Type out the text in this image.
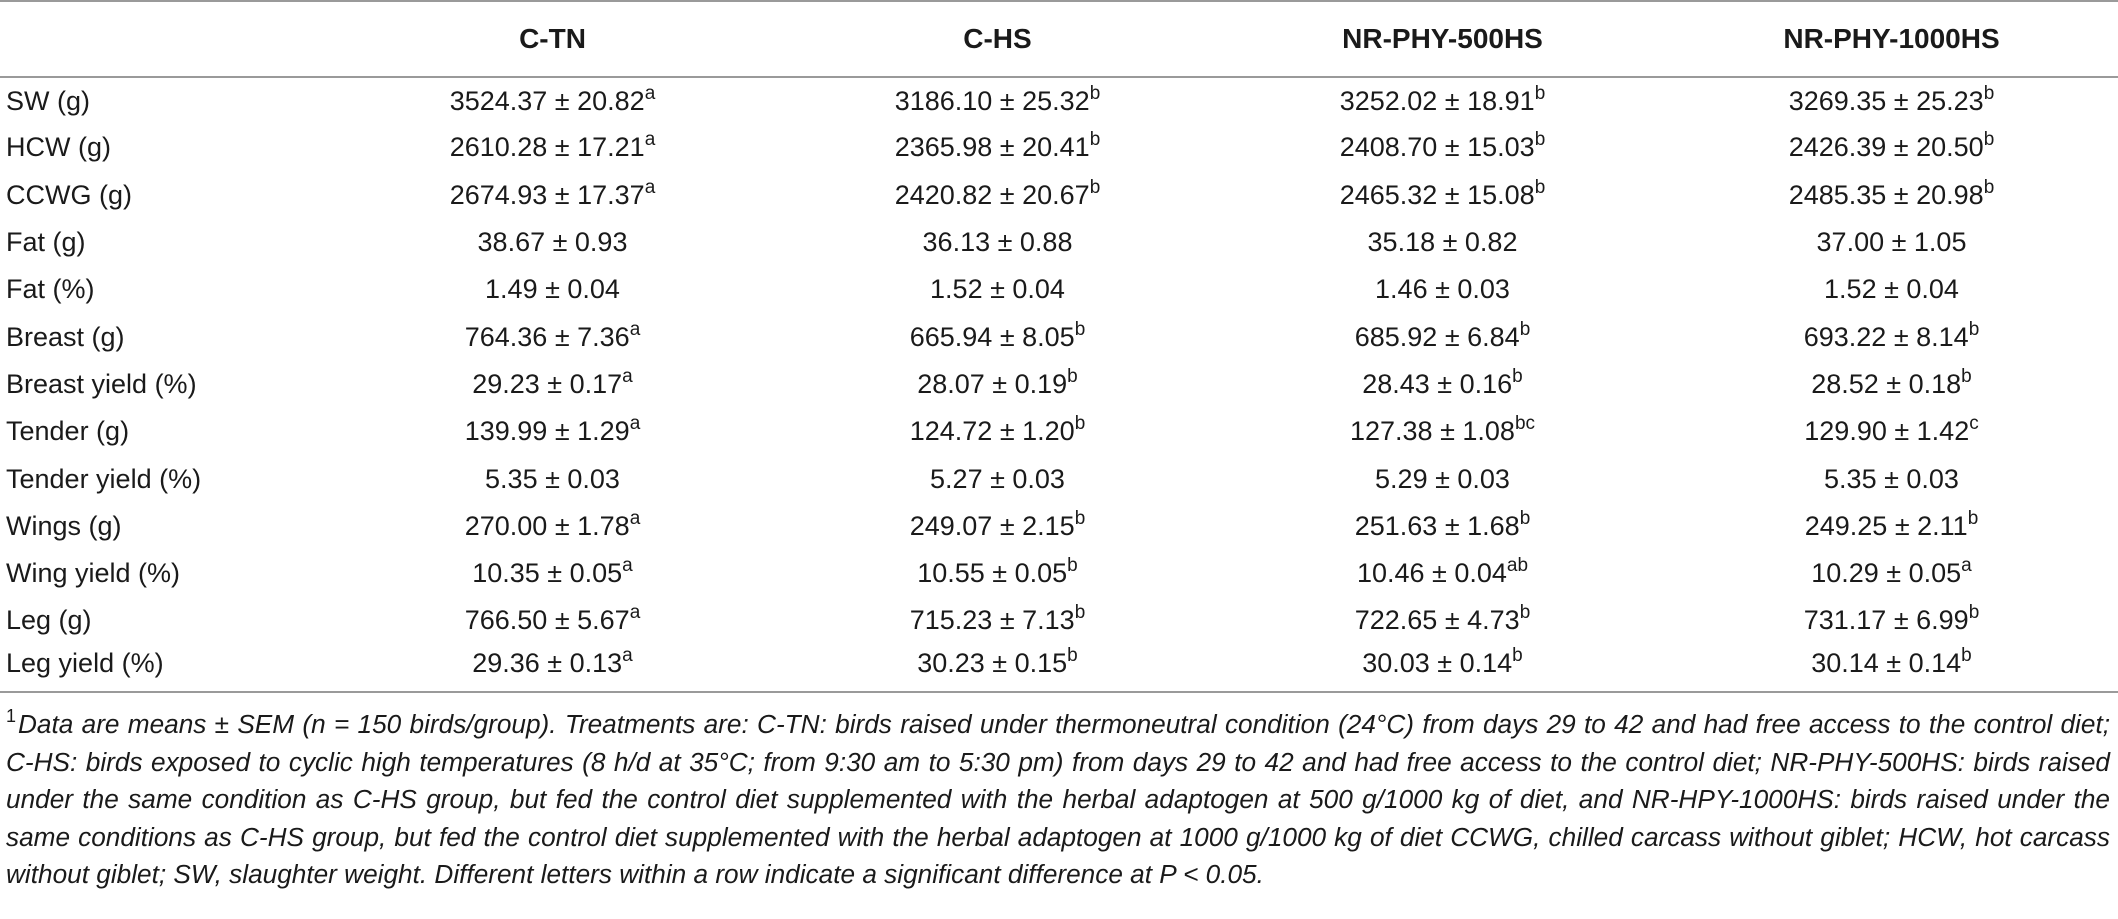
	C-TN	C-HS	NR-PHY-500HS	NR-PHY-1000HS
SW (g)	3524.37 ± 20.82$^a$	3186.10 ± 25.32$^b$	3252.02 ± 18.91$^b$	3269.35 ± 25.23$^b$
HCW (g)	2610.28 ± 17.21$^a$	2365.98 ± 20.41$^b$	2408.70 ± 15.03$^b$	2426.39 ± 20.50$^b$
CCWG (g)	2674.93 ± 17.37$^a$	2420.82 ± 20.67$^b$	2465.32 ± 15.08$^b$	2485.35 ± 20.98$^b$
Fat (g)	38.67 ± 0.93	36.13 ± 0.88	35.18 ± 0.82	37.00 ± 1.05
Fat (%)	1.49 ± 0.04	1.52 ± 0.04	1.46 ± 0.03	1.52 ± 0.04
Breast (g)	764.36 ± 7.36$^a$	665.94 ± 8.05$^b$	685.92 ± 6.84$^b$	693.22 ± 8.14$^b$
Breast yield (%)	29.23 ± 0.17$^a$	28.07 ± 0.19$^b$	28.43 ± 0.16$^b$	28.52 ± 0.18$^b$
Tender (g)	139.99 ± 1.29$^a$	124.72 ± 1.20$^b$	127.38 ± 1.08$^{bc}$	129.90 ± 1.42$^c$
Tender yield (%)	5.35 ± 0.03	5.27 ± 0.03	5.29 ± 0.03	5.35 ± 0.03
Wings (g)	270.00 ± 1.78$^a$	249.07 ± 2.15$^b$	251.63 ± 1.68$^b$	249.25 ± 2.11$^b$
Wing yield (%)	10.35 ± 0.05$^a$	10.55 ± 0.05$^b$	10.46 ± 0.04$^{ab}$	10.29 ± 0.05$^a$
Leg (g)	766.50 ± 5.67$^a$	715.23 ± 7.13$^b$	722.65 ± 4.73$^b$	731.17 ± 6.99$^b$
Leg yield (%)	29.36 ± 0.13$^a$	30.23 ± 0.15$^b$	30.03 ± 0.14$^b$	30.14 ± 0.14$^b$
$^1$Data are means ± SEM (n = 150 birds/group). Treatments are: C-TN: birds raised under thermoneutral condition (24°C) from days 29 to 42 and had free access to the control diet; C-HS: birds exposed to cyclic high temperatures (8 h/d at 35°C; from 9:30 am to 5:30 pm) from days 29 to 42 and had free access to the control diet; NR-PHY-500HS: birds raised under the same condition as C-HS group, but fed the control diet supplemented with the herbal adaptogen at 500 g/1000 kg of diet, and NR-HPY-1000HS: birds raised under the same conditions as C-HS group, but fed the control diet supplemented with the herbal adaptogen at 1000 g/1000 kg of diet CCWG, chilled carcass without giblet; HCW, hot carcass without giblet; SW, slaughter weight. Different letters within a row indicate a significant difference at P < 0.05.
